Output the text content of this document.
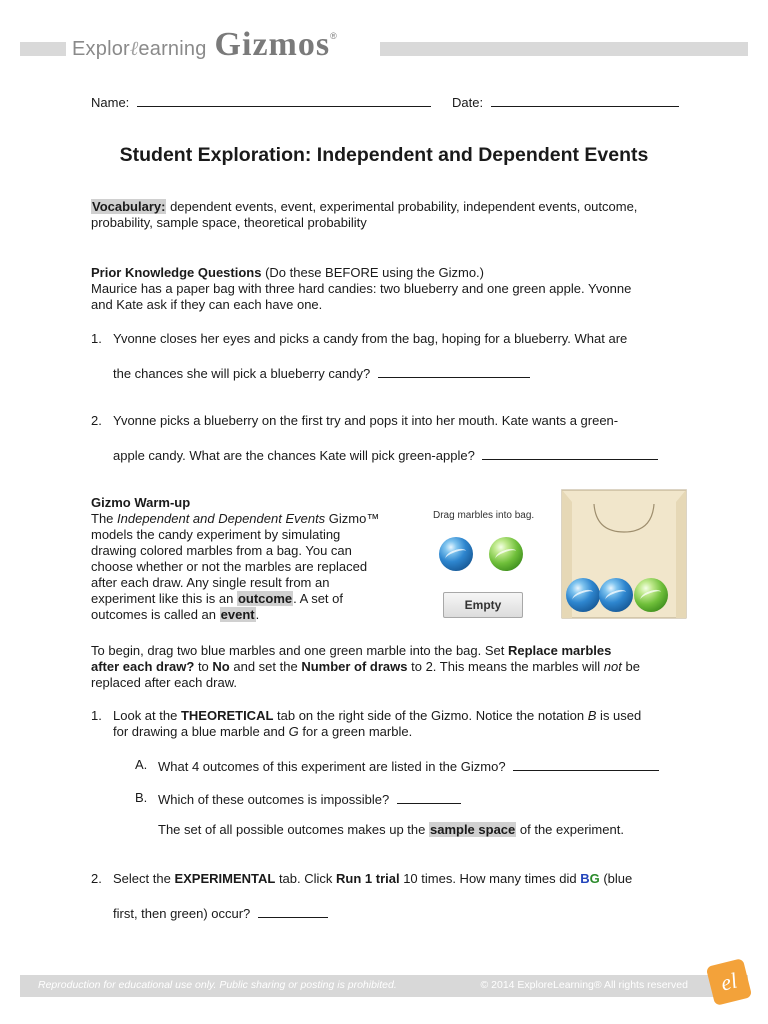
Explor ℓ earning Gizmos ®
Name:	Date:
Student Exploration: Independent and Dependent Events
Vocabulary: dependent events, event, experimental probability, independent events, outcome,
probability, sample space, theoretical probability
Prior Knowledge Questions (Do these BEFORE using the Gizmo.)
Maurice has a paper bag with three hard candies: two blueberry and one green apple. Yvonne
and Kate ask if they can each have one.
1. Yvonne closes her eyes and picks a candy from the bag, hoping for a blueberry. What are
the chances she will pick a blueberry candy?
2. Yvonne picks a blueberry on the first try and pops it into her mouth. Kate wants a green-
apple candy. What are the chances Kate will pick green-apple?
Gizmo Warm-up
The Independent and Dependent Events Gizmo™
models the candy experiment by simulating
drawing colored marbles from a bag. You can
choose whether or not the marbles are replaced
after each draw. Any single result from an
experiment like this is an outcome. A set of
outcomes is called an event.
Drag marbles into bag.
Empty
To begin, drag two blue marbles and one green marble into the bag. Set Replace marbles
after each draw? to No and set the Number of draws to 2. This means the marbles will not be
replaced after each draw.
1. Look at the THEORETICAL tab on the right side of the Gizmo. Notice the notation B is used
for drawing a blue marble and G for a green marble.
A. What 4 outcomes of this experiment are listed in the Gizmo?
B. Which of these outcomes is impossible?
The set of all possible outcomes makes up the sample space of the experiment.
2. Select the EXPERIMENTAL tab. Click Run 1 trial 10 times. How many times did BG (blue
first, then green) occur?
Reproduction for educational use only. Public sharing or posting is prohibited.	© 2014 ExploreLearning® All rights reserved	el
